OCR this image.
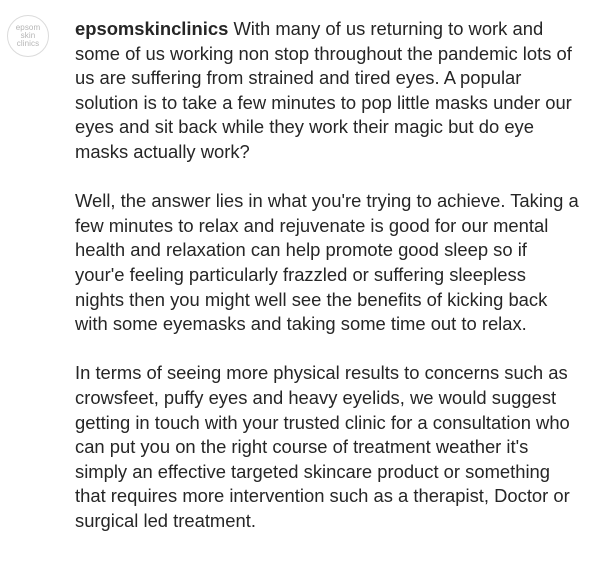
epsom
skin
clinics

epsomskinclinics With many of us returning to work and some of us working non stop throughout the pandemic lots of us are suffering from strained and tired eyes. A popular solution is to take a few minutes to pop little masks under our eyes and sit back while they work their magic but do eye masks actually work?

Well, the answer lies in what you're trying to achieve. Taking a few minutes to relax and rejuvenate is good for our mental health and relaxation can help promote good sleep so if your'e feeling particularly frazzled or suffering sleepless nights then you might well see the benefits of kicking back with some eyemasks and taking some time out to relax.

In terms of seeing more physical results to concerns such as crowsfeet, puffy eyes and heavy eyelids, we would suggest getting in touch with your trusted clinic for a consultation who can put you on the right course of treatment weather it's simply an effective targeted skincare product or something that requires more intervention such as a therapist, Doctor or surgical led treatment.
